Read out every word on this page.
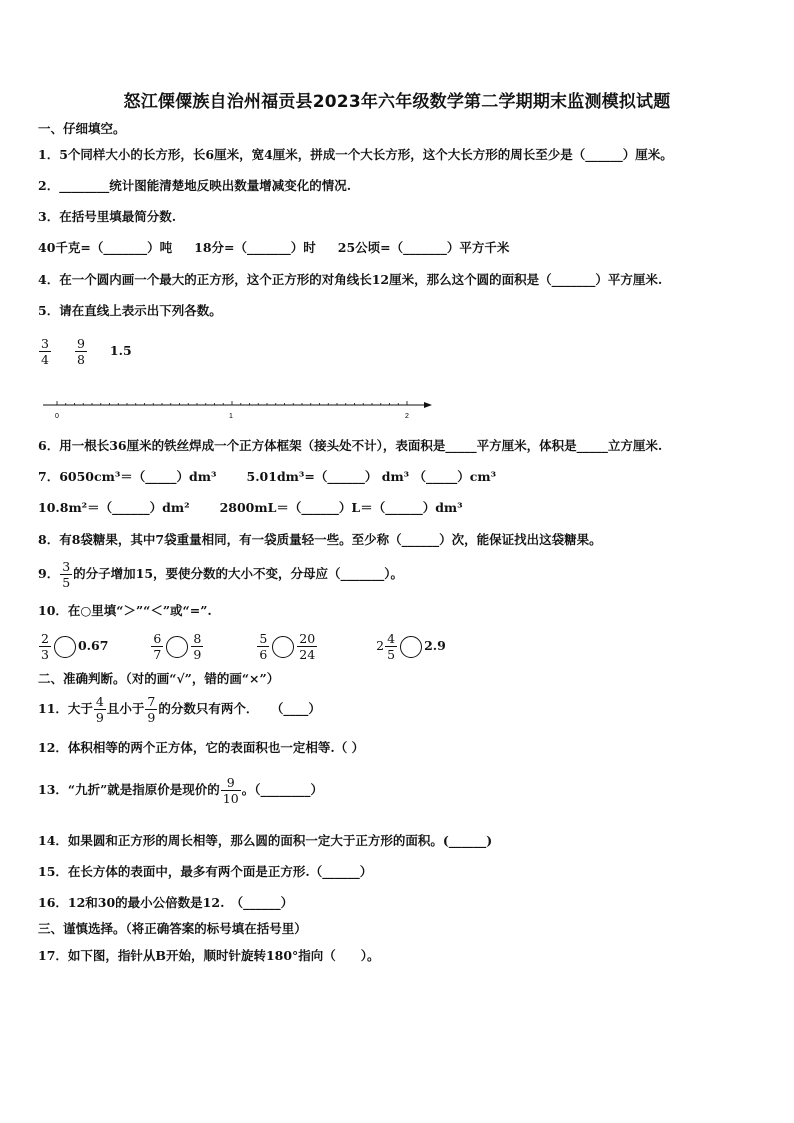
怒江傈僳族自治州福贡县2023年六年级数学第二学期期末监测模拟试题
一、仔细填空。
1．5个同样大小的长方形，长6厘米，宽4厘米，拼成一个大长方形，这个大长方形的周长至少是（______）厘米。
2．________统计图能清楚地反映出数量增减变化的情况.
3．在括号里填最简分数.
40千克=（_______）吨 18分=（_______）时 25公顷=（_______）平方千米
4．在一个圆内画一个最大的正方形，这个正方形的对角线长12厘米，那么这个圆的面积是（_______）平方厘米.
5．请在直线上表示出下列各数。
$\frac{3}{4} \frac{9}{8} 1.5$
0	1	2
6．用一根长36厘米的铁丝焊成一个正方体框架（接头处不计），表面积是_____平方厘米，体积是_____立方厘米.
7．6050cm³＝（_____）dm³ 5.01dm³=（______） dm³ （_____）cm³
10.8m²＝（______）dm² 2800mL＝（______）L＝（______）dm³
8．有8袋糖果，其中7袋重量相同，有一袋质量轻一些。至少称（______）次，能保证找出这袋糖果。
9． $\frac{3}{5}$ 的分子增加15，要使分数的大小不变，分母应（_______）。
10．在○里填“＞”“＜”或“=”.
$\frac{2}{3} 0.67$	$\frac{6}{7} \frac{8}{9}$	$\frac{5}{6} \frac{20}{24}$	$2 \frac{4}{5} 2.9$
二、准确判断。（对的画“√”，错的画“×”）
11．大于 $\frac{4}{9}$ 且小于 $\frac{7}{9}$ 的分数只有两个．　　（____）
12．体积相等的两个正方体，它的表面积也一定相等.（ ）
13．“九折”就是指原价是现价的 $\frac{9}{10}$ 。（________）
14．如果圆和正方形的周长相等，那么圆的面积一定大于正方形的面积。(______)
15．在长方体的表面中，最多有两个面是正方形.（______）
16．12和30的最小公倍数是12.　（______）
三、谨慎选择。（将正确答案的标号填在括号里）
17．如下图，指针从B开始，顺时针旋转180°指向（　　）。
